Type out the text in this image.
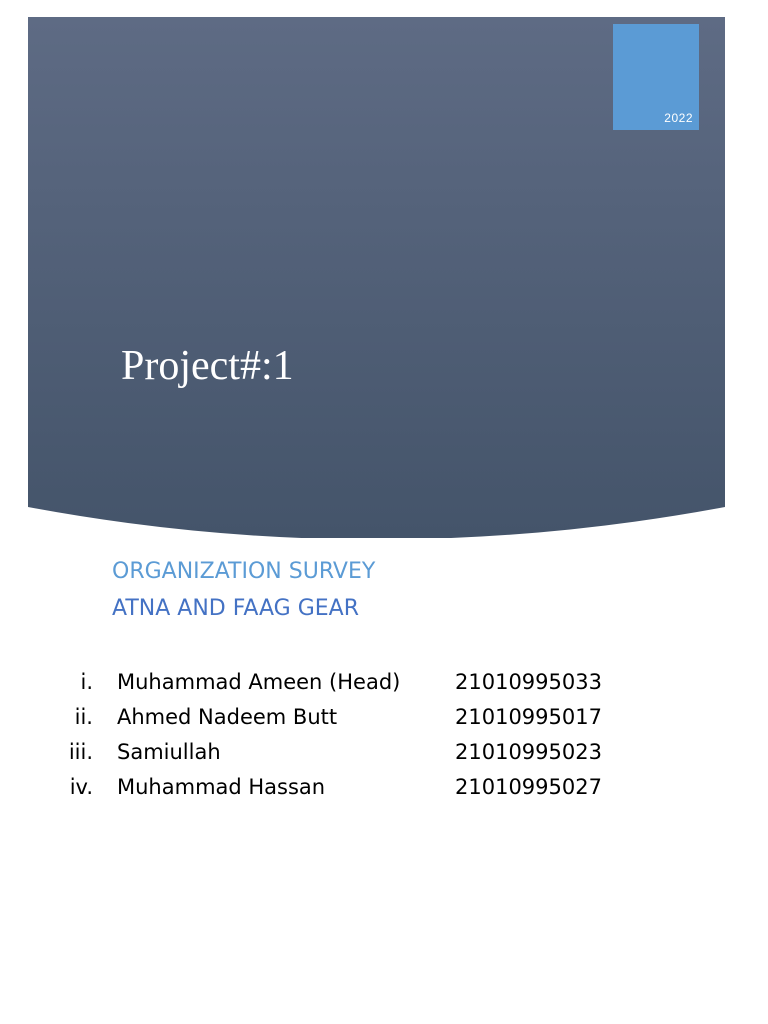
2022
Project#:1
ORGANIZATION SURVEY
ATNA AND FAAG GEAR
i. Muhammad Ameen (Head)	21010995033
ii. Ahmed Nadeem Butt	21010995017
iii. Samiullah	21010995023
iv. Muhammad Hassan	21010995027
